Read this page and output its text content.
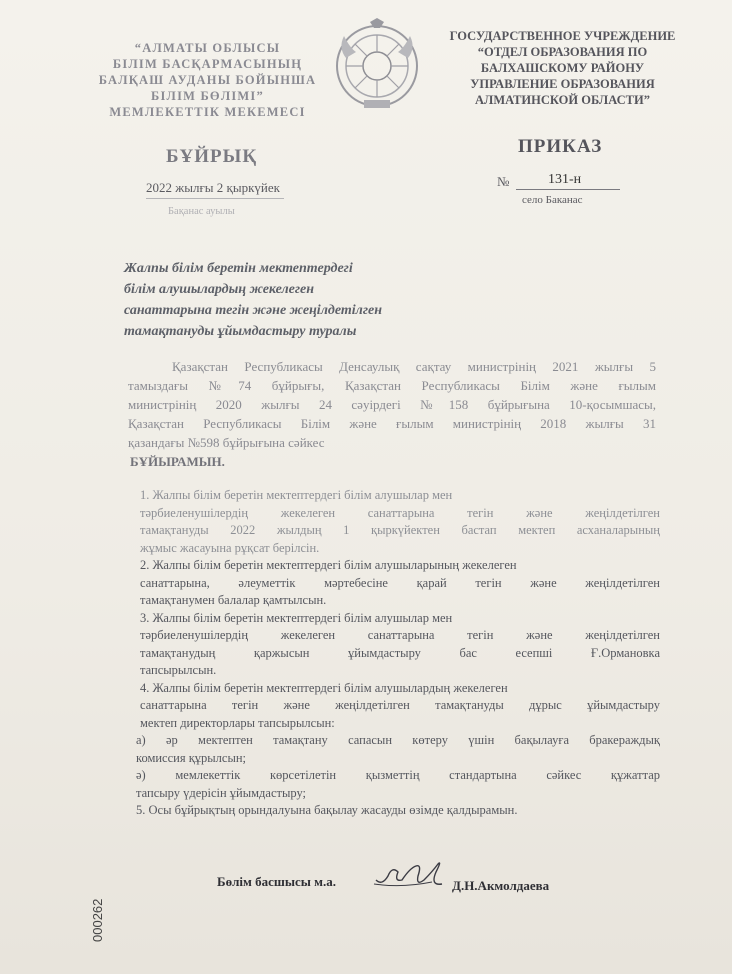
“АЛМАТЫ ОБЛЫСЫ
БІЛІМ БАСҚАРМАСЫНЫҢ
БАЛҚАШ АУДАНЫ БОЙЫНША
БІЛІМ БӨЛІМІ”
МЕМЛЕКЕТТІК МЕКЕМЕСІ
ГОСУДАРСТВЕННОЕ УЧРЕЖДЕНИЕ
“ОТДЕЛ ОБРАЗОВАНИЯ ПО
БАЛХАШСКОМУ РАЙОНУ
УПРАВЛЕНИЕ ОБРАЗОВАНИЯ
АЛМАТИНСКОЙ ОБЛАСТИ”
БҰЙРЫҚ	ПРИКАЗ
2022 жылғы 2 қыркүйек
Бақанас ауылы
№	131-н
село Баканас
Жалпы білім беретін мектептердегі
білім алушылардың жекелеген
санаттарына тегін және жеңілдетілген
тамақтануды ұйымдастыру туралы
Қазақстан Республикасы Денсаулық сақтау министрінің 2021 жылғы 5
тамыздағы №74 бұйрығы, Қазақстан Республикасы Білім және ғылым
министрінің 2020 жылғы 24 сәуірдегі №158 бұйрығына 10-қосымшасы,
Қазақстан Республикасы Білім және ғылым министрінің 2018 жылғы 31
қазандағы №598 бұйрығына сәйкес
БҰЙЫРАМЫН.
1. Жалпы білім беретін мектептердегі білім алушылар мен
тәрбиеленушілердің жекелеген санаттарына тегін және жеңілдетілген
тамақтануды 2022 жылдың 1 қыркүйектен бастап мектеп асханаларының
жұмыс жасауына рұқсат берілсін.
2. Жалпы білім беретін мектептердегі білім алушыларының жекелеген
санаттарына, әлеуметтік мәртебесіне қарай тегін және жеңілдетілген
тамақтанумен балалар қамтылсын.
3. Жалпы білім беретін мектептердегі білім алушылар мен
тәрбиеленушілердің жекелеген санаттарына тегін және жеңілдетілген
тамақтанудың қаржысын ұйымдастыру бас есепші Ғ.Ормановка
тапсырылсын.
4. Жалпы білім беретін мектептердегі білім алушылардың жекелеген
санаттарына тегін және жеңілдетілген тамақтануды дұрыс ұйымдастыру
мектеп директорлары тапсырылсын:
а) әр мектептен тамақтану сапасын көтеру үшін бақылауға бракераждық
комиссия құрылсын;
ә) мемлекеттік көрсетілетін қызметтің стандартына сәйкес құжаттар
тапсыру үдерісін ұйымдастыру;
5. Осы бұйрықтың орындалуына бақылау жасауды өзімде қалдырамын.
Бөлім басшысы м.а.	Д.Н.Акмолдаева
000262
